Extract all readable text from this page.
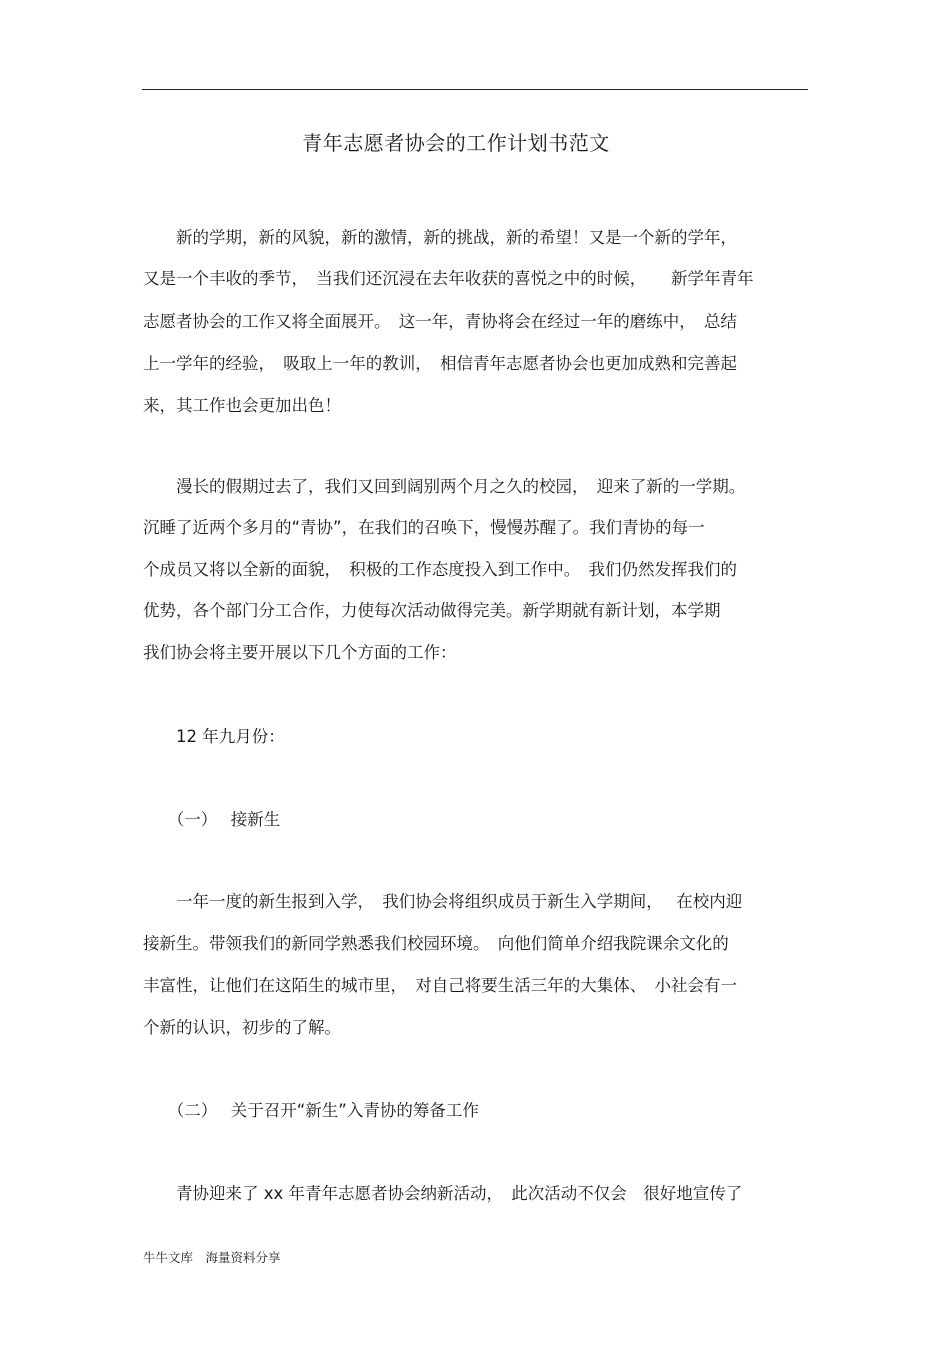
青年志愿者协会的工作计划书范文
　　新的学期，新的风貌，新的激情，新的挑战，新的希望！又是一个新的学年，
又是一个丰收的季节，　当我们还沉浸在去年收获的喜悦之中的时候，　　新学年青年
志愿者协会的工作又将全面展开。　这一年，青协将会在经过一年的磨练中，　总结
上一学年的经验，　吸取上一年的教训，　相信青年志愿者协会也更加成熟和完善起
来，其工作也会更加出色！
　　漫长的假期过去了，我们又回到阔别两个月之久的校园，　迎来了新的一学期。
沉睡了近两个多月的“青协”，在我们的召唤下，慢慢苏醒了。我们青协的每一
个成员又将以全新的面貌，　积极的工作态度投入到工作中。　我们仍然发挥我们的
优势，各个部门分工合作，力使每次活动做得完美。新学期就有新计划，本学期
我们协会将主要开展以下几个方面的工作：
　　12 年九月份：
　　（一）　 接新生
　　一年一度的新生报到入学，　我们协会将组织成员于新生入学期间，　 在校内迎
接新生。带领我们的新同学熟悉我们校园环境。　向他们简单介绍我院课余文化的
丰富性，让他们在这陌生的城市里，　对自己将要生活三年的大集体、　小社会有一
个新的认识，初步的了解。
　　（二）　 关于召开“新生”入青协的筹备工作
　　青协迎来了 xx 年青年志愿者协会纳新活动，　此次活动不仅会　很好地宣传了
牛牛文库　海量资料分享
